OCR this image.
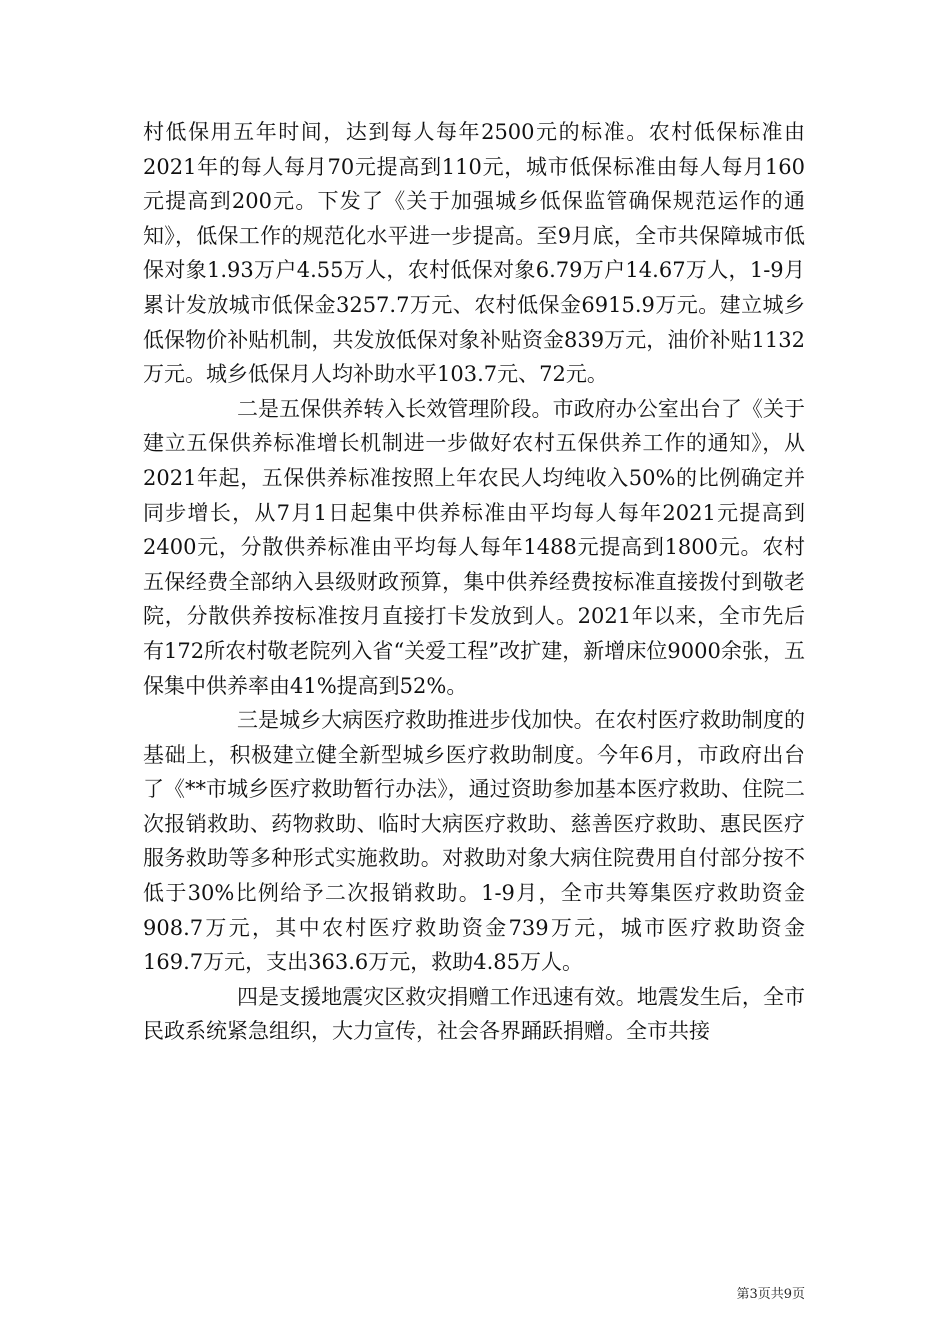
村低保用五年时间，达到每人每年2500元的标准。农村低保标准由2021年的每人每月70元提高到110元，城市低保标准由每人每月160元提高到200元。下发了《关于加强城乡低保监管确保规范运作的通知》，低保工作的规范化水平进一步提高。至9月底，全市共保障城市低保对象1.93万户4.55万人，农村低保对象6.79万户14.67万人，1-9月累计发放城市低保金3257.7万元、农村低保金6915.9万元。建立城乡低保物价补贴机制，共发放低保对象补贴资金839万元，油价补贴1132万元。城乡低保月人均补助水平103.7元、72元。

二是五保供养转入长效管理阶段。市政府办公室出台了《关于建立五保供养标准增长机制进一步做好农村五保供养工作的通知》，从2021年起，五保供养标准按照上年农民人均纯收入50%的比例确定并同步增长，从7月1日起集中供养标准由平均每人每年2021元提高到2400元，分散供养标准由平均每人每年1488元提高到1800元。农村五保经费全部纳入县级财政预算，集中供养经费按标准直接拨付到敬老院，分散供养按标准按月直接打卡发放到人。2021年以来，全市先后有172所农村敬老院列入省“关爱工程”改扩建，新增床位9000余张，五保集中供养率由41%提高到52%。

三是城乡大病医疗救助推进步伐加快。在农村医疗救助制度的基础上，积极建立健全新型城乡医疗救助制度。今年6月，市政府出台了《**市城乡医疗救助暂行办法》，通过资助参加基本医疗救助、住院二次报销救助、药物救助、临时大病医疗救助、慈善医疗救助、惠民医疗服务救助等多种形式实施救助。对救助对象大病住院费用自付部分按不低于30%比例给予二次报销救助。1-9月，全市共筹集医疗救助资金908.7万元，其中农村医疗救助资金739万元，城市医疗救助资金169.7万元，支出363.6万元，救助4.85万人。

四是支援地震灾区救灾捐赠工作迅速有效。地震发生后，全市民政系统紧急组织，大力宣传，社会各界踊跃捐赠。全市共接

第3页共9页
